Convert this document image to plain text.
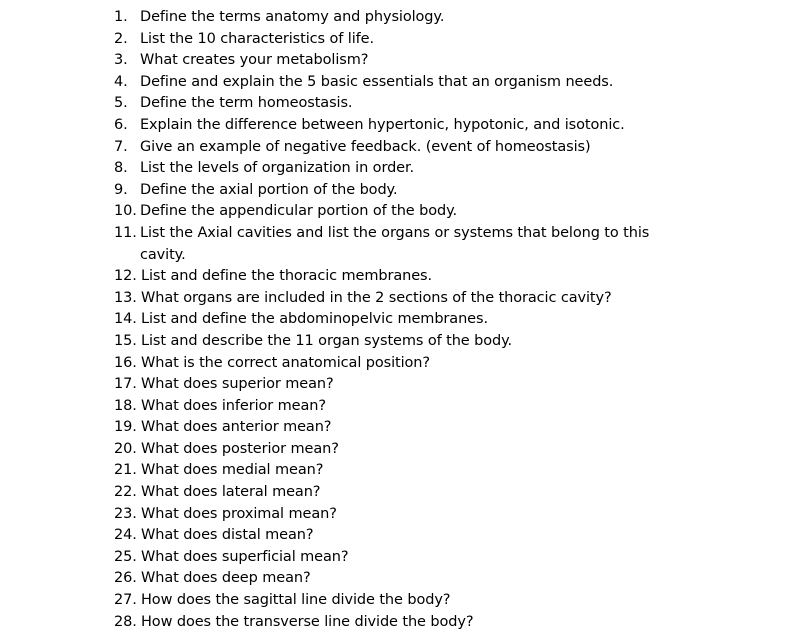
1. Define the terms anatomy and physiology.
2. List the 10 characteristics of life.
3. What creates your metabolism?
4. Define and explain the 5 basic essentials that an organism needs.
5. Define the term homeostasis.
6. Explain the difference between hypertonic, hypotonic, and isotonic.
7. Give an example of negative feedback. (event of homeostasis)
8. List the levels of organization in order.
9. Define the axial portion of the body.
10. Define the appendicular portion of the body.
11. List the Axial cavities and list the organs or systems that belong to this cavity.
12. List and define the thoracic membranes.
13. What organs are included in the 2 sections of the thoracic cavity?
14. List and define the abdominopelvic membranes.
15. List and describe the 11 organ systems of the body.
16. What is the correct anatomical position?
17. What does superior mean?
18. What does inferior mean?
19. What does anterior mean?
20. What does posterior mean?
21. What does medial mean?
22. What does lateral mean?
23. What does proximal mean?
24. What does distal mean?
25. What does superficial mean?
26. What does deep mean?
27. How does the sagittal line divide the body?
28. How does the transverse line divide the body?
